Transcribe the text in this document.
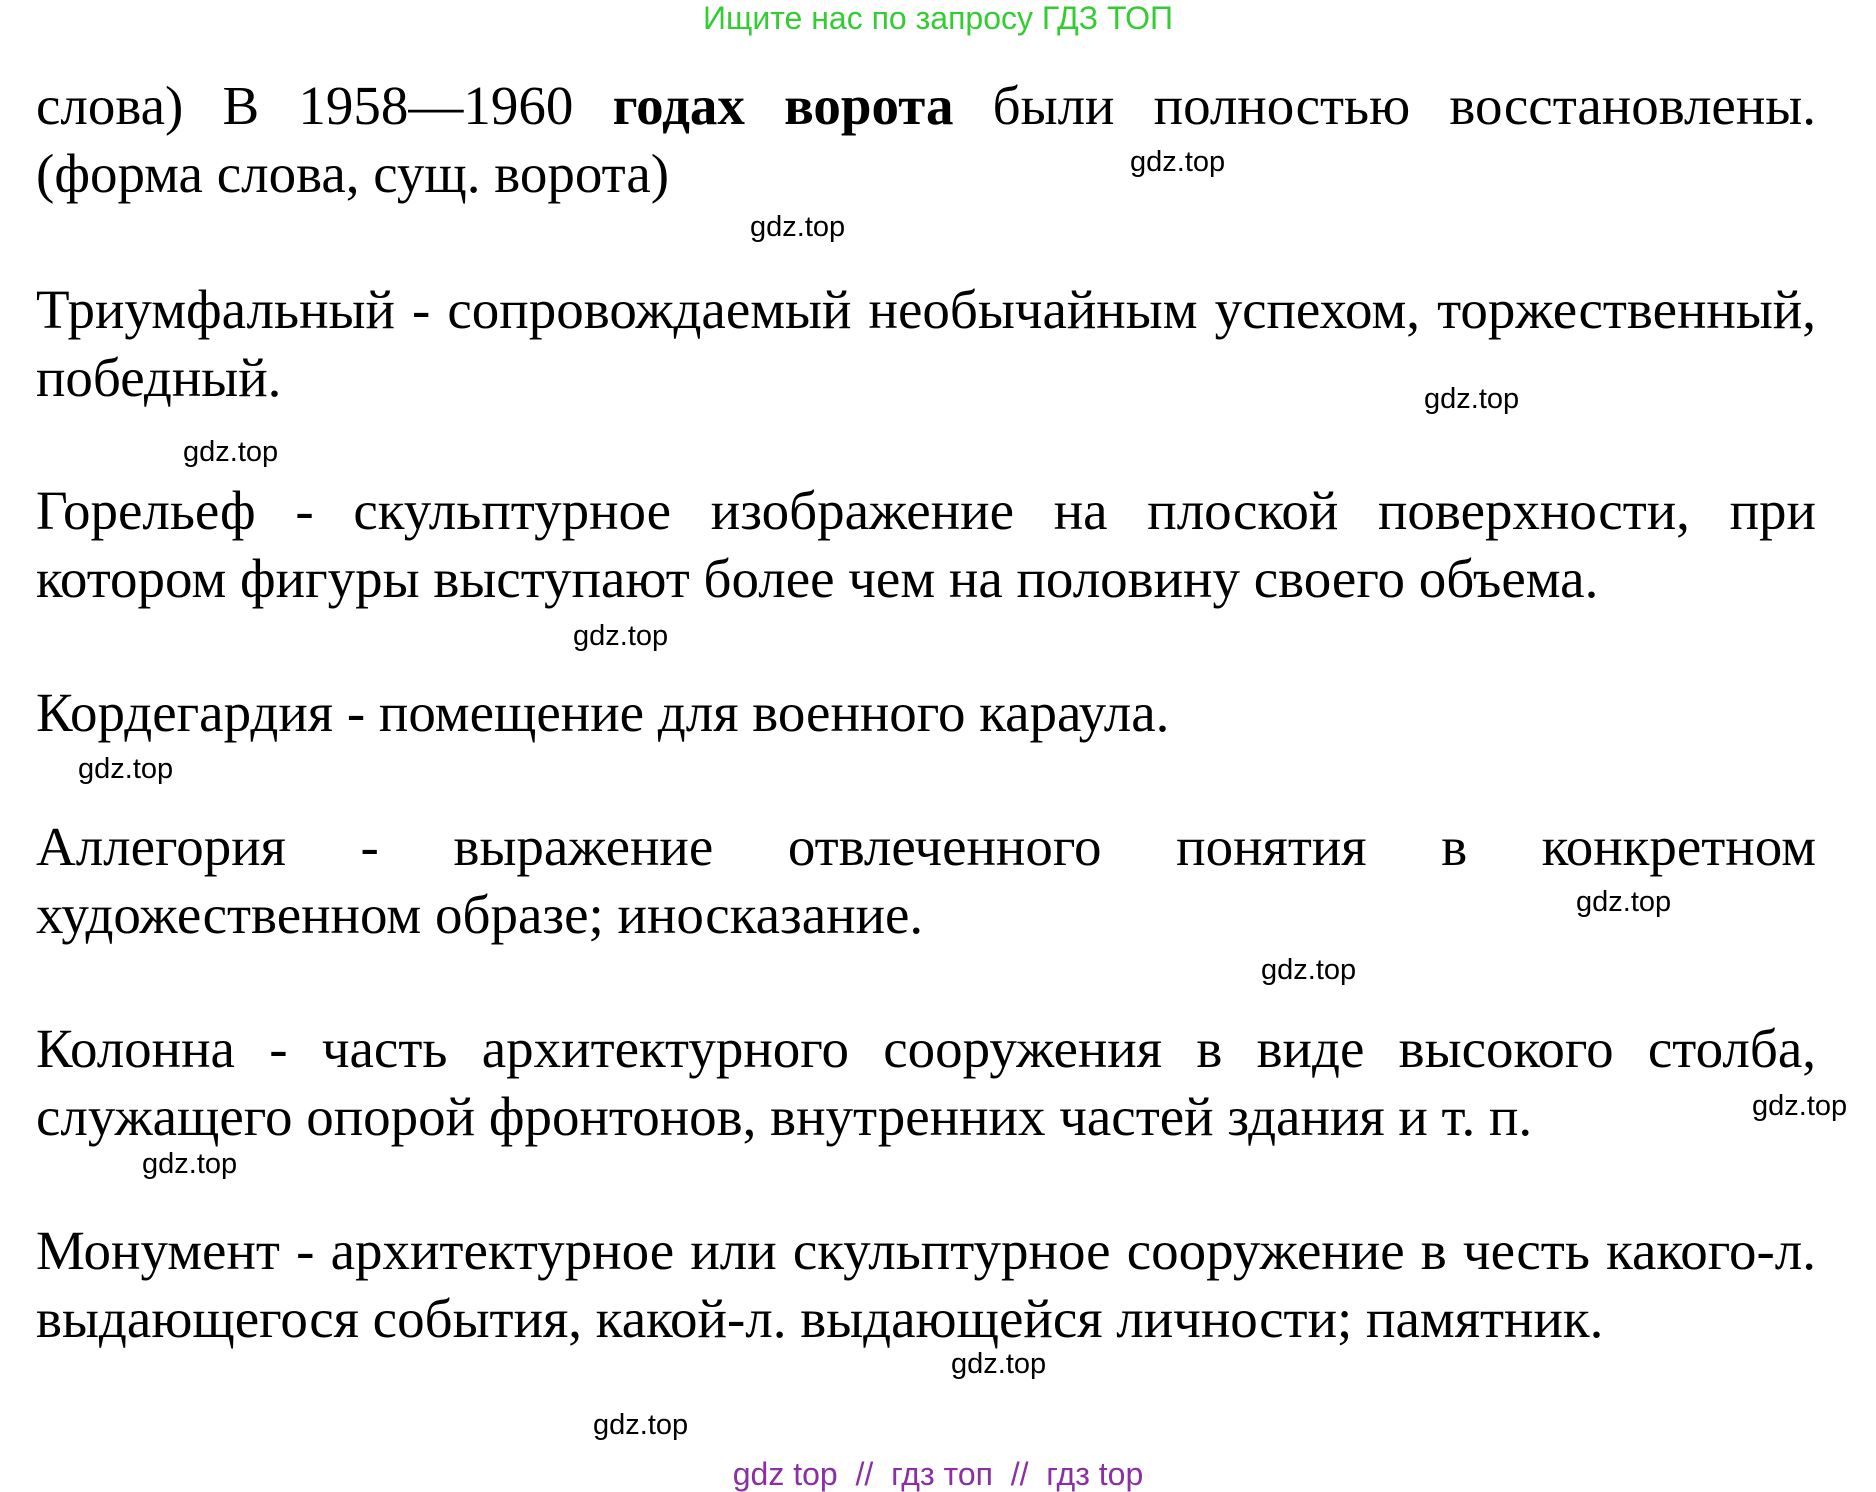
Ищите нас по запросу ГДЗ ТОП

слова) В 1958—1960 годах ворота были полностью восстановлены. (форма слова, сущ. ворота)	gdz.top
gdz.top

Триумфальный - сопровождаемый необычайным успехом, торжественный, победный.	gdz.top
gdz.top

Горельеф - скульптурное изображение на плоской поверхности, при котором фигуры выступают более чем на половину своего объема.

gdz.top

Кордегардия - помещение для военного караула.

gdz.top

Аллегория - выражение отвлеченного понятия в конкретном художественном образе; иносказание.	gdz.top
gdz.top

Колонна - часть архитектурного сооружения в виде высокого столба, служащего опорой фронтонов, внутренних частей здания и т. п.	gdz.top
gdz.top

Монумент - архитектурное или скульптурное сооружение в честь какого-л. выдающегося события, какой-л. выдающейся личности; памятник.

gdz.top
gdz.top
gdz top  //  гдз топ  //  гдз top
